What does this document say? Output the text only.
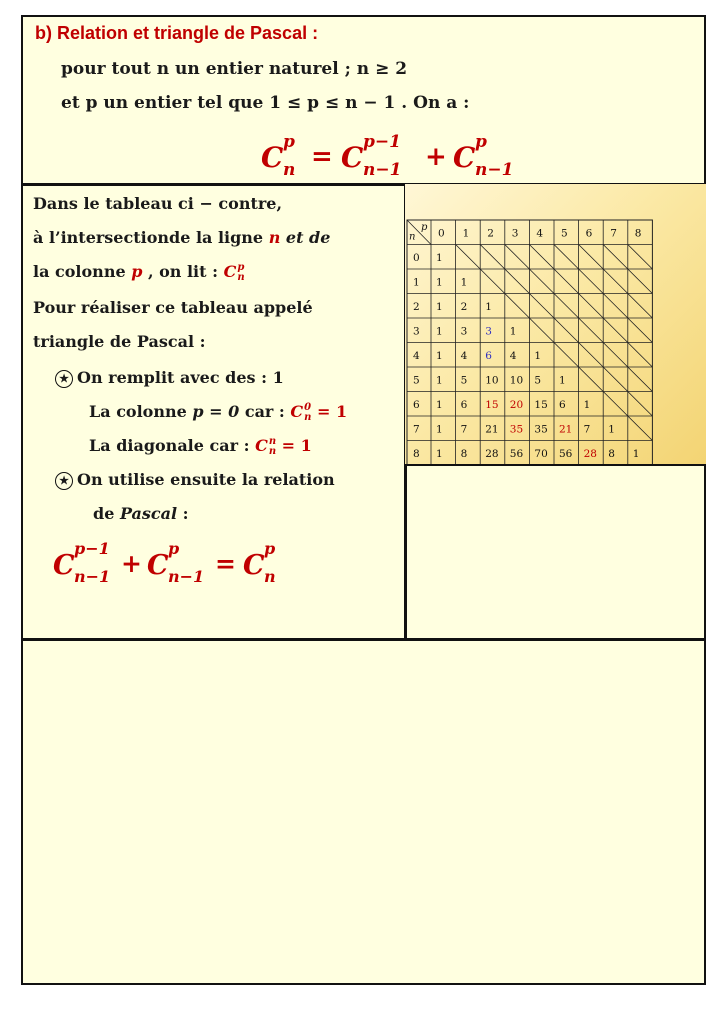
b) Relation et triangle de Pascal :
pour tout n un entier naturel ; n ≥ 2
et p un entier tel que 1 ≤ p ≤ n − 1 . On a :
C p
n = C p−1
n−1 + C p
n−1
Dans le tableau ci − contre,
à l’intersectionde la ligne n et de
la colonne p , on lit : C p
n
Pour réaliser ce tableau appelé
triangle de Pascal :
★ On remplit avec des : 1
La colonne p = 0 car : C 0
n = 1
La diagonale car : C n
n = 1
★ On utilise ensuite la relation
de Pascal :
C
p−1
n−1 + C
p
n−1 = C
p
n
n
p 0 1 2 3 4 5 6 7 8
0 1
1 1 1
2 1 2 1
3 1 3 3 1
4 1 4 6 4 1
5 1 5 10 10 5 1
6 1 6 15 20 15 6 1
7 1 7 21 35 35 21 7 1
8 1 8 28 56 70 56 28 8 1
